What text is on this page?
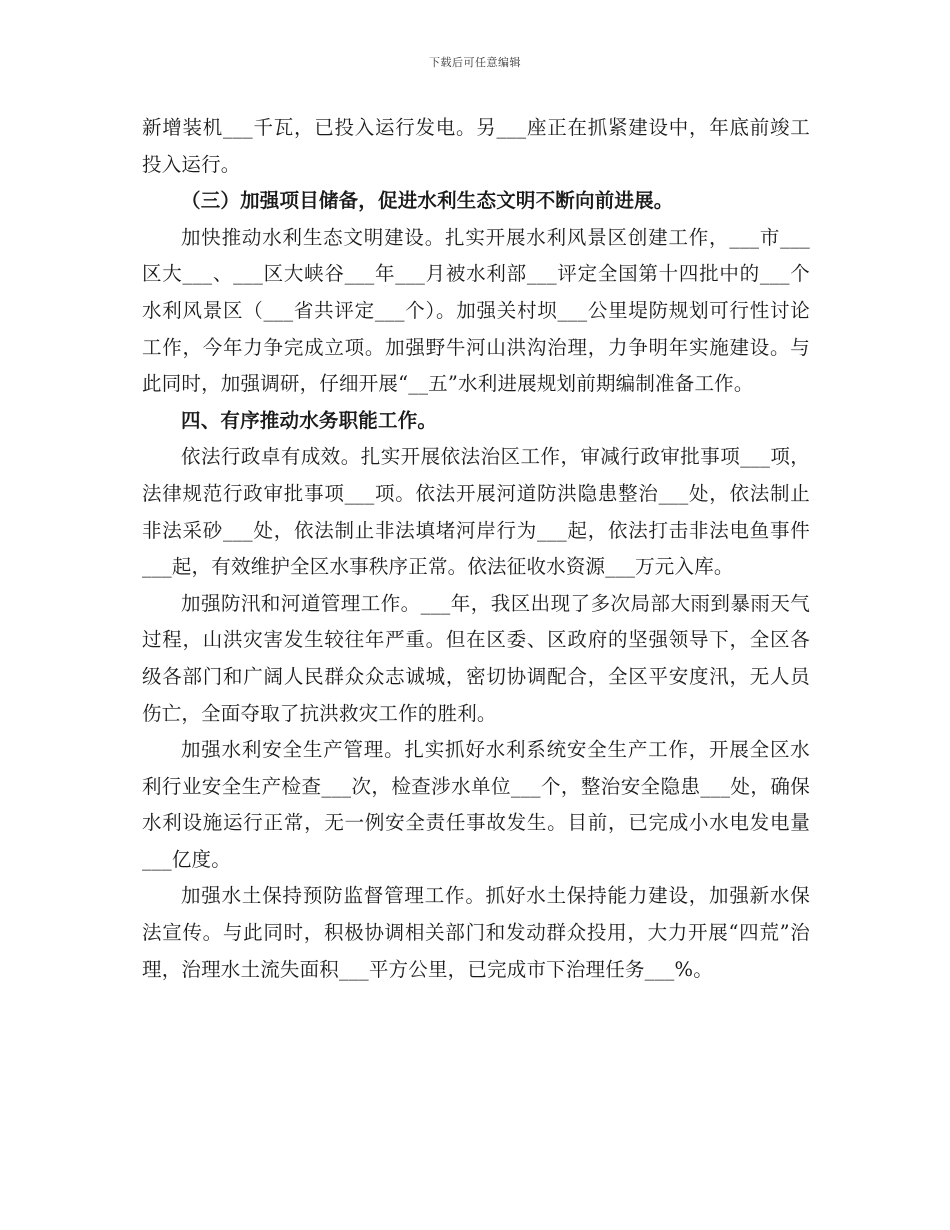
下载后可任意编辑

新增装机___千瓦，已投入运行发电。另___座正在抓紧建设中，年底前竣工投入运行。

（三）加强项目储备，促进水利生态文明不断向前进展。

加快推动水利生态文明建设。扎实开展水利风景区创建工作，___市___区大___、___区大峡谷___年___月被水利部___评定全国第十四批中的___个水利风景区（___省共评定___个）。加强关村坝___公里堤防规划可行性讨论工作，今年力争完成立项。加强野牛河山洪沟治理，力争明年实施建设。与此同时，加强调研，仔细开展“__五”水利进展规划前期编制准备工作。

四、有序推动水务职能工作。

依法行政卓有成效。扎实开展依法治区工作，审减行政审批事项___项，法律规范行政审批事项___项。依法开展河道防洪隐患整治___处，依法制止非法采砂___处，依法制止非法填堵河岸行为___起，依法打击非法电鱼事件___起，有效维护全区水事秩序正常。依法征收水资源___万元入库。

加强防汛和河道管理工作。___年，我区出现了多次局部大雨到暴雨天气过程，山洪灾害发生较往年严重。但在区委、区政府的坚强领导下，全区各级各部门和广阔人民群众众志诚城，密切协调配合，全区平安度汛，无人员伤亡，全面夺取了抗洪救灾工作的胜利。

加强水利安全生产管理。扎实抓好水利系统安全生产工作，开展全区水利行业安全生产检查___次，检查涉水单位___个，整治安全隐患___处，确保水利设施运行正常，无一例安全责任事故发生。目前，已完成小水电发电量___亿度。

加强水土保持预防监督管理工作。抓好水土保持能力建设，加强新水保法宣传。与此同时，积极协调相关部门和发动群众投用，大力开展“四荒”治理，治理水土流失面积___平方公里，已完成市下治理任务___%。
